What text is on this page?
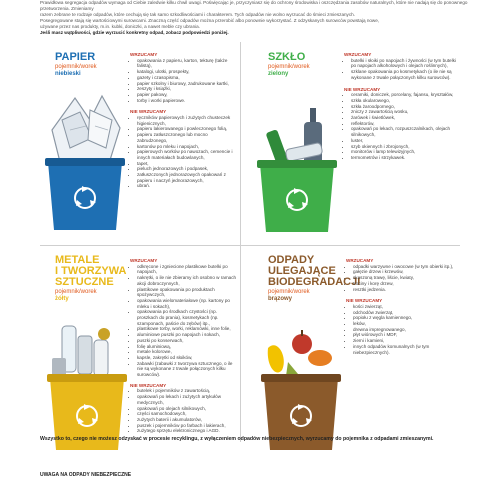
Prawidłowa segregacja odpadów wymaga od Ciebie zaledwie kilku chwil uwagi. Poświęcając je, przyczyniasz się do ochrony środowiska i oszczędzania zasobów naturalnych, które nie nadają się do ponownego przetworzenia. Zmieniamy
razem zebrane te rodzaje odpadów, które cechują się tak samo szkodliwościami i charakterem. Tych odpadów nie wolno wyrzucać do śmieci zmieszanych.
Posegregowane stają się wartościowymi surowcami. Znaczną część odpadów można przerobić albo ponownie wykorzystać. Z odzyskanych surowców powstają nowe,
używane przez nas produkty, m.in. kubki, doniczki, a nawet meble czy ubrania.
Jeśli masz wątpliwości, gdzie wyrzucić konkretny odpad, zobacz podpowiedzi poniżej.
PAPIER
pojemnik/worek
niebieski
WRZUCAMY
• opakowania z papieru, karton, tekturę (także falistą),
• katalogi, ulotki, prospekty,
• gazety i czasopisma,
• papier szkolny i biurowy, zadrukowane kartki,
• zeszyty i książki,
• papier pakowy,
• torby i worki papierowe.
NIE WRZUCAMY
• ręczników papierowych i zużytych chusteczek higienicznych,
• papieru lakierowanego i powleczonego folią,
• papieru zatłuszczonego lub mocno zabrudzonego,
• kartonów po mleku i napojach,
• papierowych worków po nawozach, cemencie i innych materiałach budowlanych,
• tapet,
• pieluch jednorazowych i podpasek,
• zatłuszczonych jednorazowych opakowań z papieru i naczyń jednorazowych,
• ubrań.
SZKŁO
pojemnik/worek
zielony
WRZUCAMY
• butelki i słoiki po napojach i żywności (w tym butelki po napojach alkoholowych i olejach roślinnych),
• szklane opakowania po kosmetykach (o ile nie są wykonane z trwale połączonych kilku surowców).
NIE WRZUCAMY
• ceramiki, doniczek, porcelany, fajansu, kryształów,
• szkła okularowego,
• szkła żaroodpornego,
• zniczy z zawartością wosku,
• żarówek i świetlówek,
• reflektorów,
• opakowań po lekach, rozpuszczalnikach, olejach silnikowych,
• luster,
• szyb okiennych i zbrojonych,
• monitorów i lamp telewizyjnych,
• termometrów i strzykawek.
METALE
I TWORZYWA
SZTUCZNE
pojemnik/worek
żółty
WRZUCAMY
• odkręcone i zgniecione plastikowe butelki po napojach,
• nakrętki, o ile nie zbieramy ich osobno w ramach akcji dobroczynnych,
• plastikowe opakowania po produktach spożywczych,
• opakowania wielomateriałowe (np. kartony po mleku i sokach),
• opakowania po środkach czystości (np. proszkach do prania), kosmetykach (np. szamponach, paście do zębów) itp.,
• plastikowe torby, worki, reklamówki, inne folie,
• aluminiowe puszki po napojach i sokach,
• puszki po konserwach,
• folię aluminiową,
• metale kolorowe,
• kapsle, zakrętki od słoików,
• zabawki (zabawki z tworzywa sztucznego, o ile nie są wykonane z trwale połączonych kilku surowców).
NIE WRZUCAMY
• butelek i pojemników z zawartością,
• opakowań po lekach i zużytych artykułów medycznych,
• opakowań po olejach silnikowych,
• części samochodowych,
• zużytych baterii i akumulatorów,
• puszek i pojemników po farbach i lakierach,
• zużytego sprzętu elektronicznego i AGD.
ODPADY
ULEGAJĄCE
BIODEGRADACJI
pojemnik/worek
brązowy
WRZUCAMY
• odpadki warzywne i owocowe (w tym obierki itp.),
• gałęzie drzew i krzewów,
• skoszoną trawę, liście, kwiaty,
• trociny i korę drzew,
• resztki jedzenia.
NIE WRZUCAMY
• kości zwierząt,
• odchodów zwierząt,
• popiołu z węgla kamiennego,
• leków,
• drewna impregnowanego,
• płyt wiórowych i MDF,
• ziemi i kamieni,
• innych odpadów komunalnych (w tym niebezpiecznych).
Wszystko to, czego nie możesz odzyskać w procesie recyklingu, z wyłączeniem odpadów niebezpiecznych, wyrzucamy do pojemnika z odpadami zmieszanymi.
UWAGA NA ODPADY NIEBEZPIECZNE
